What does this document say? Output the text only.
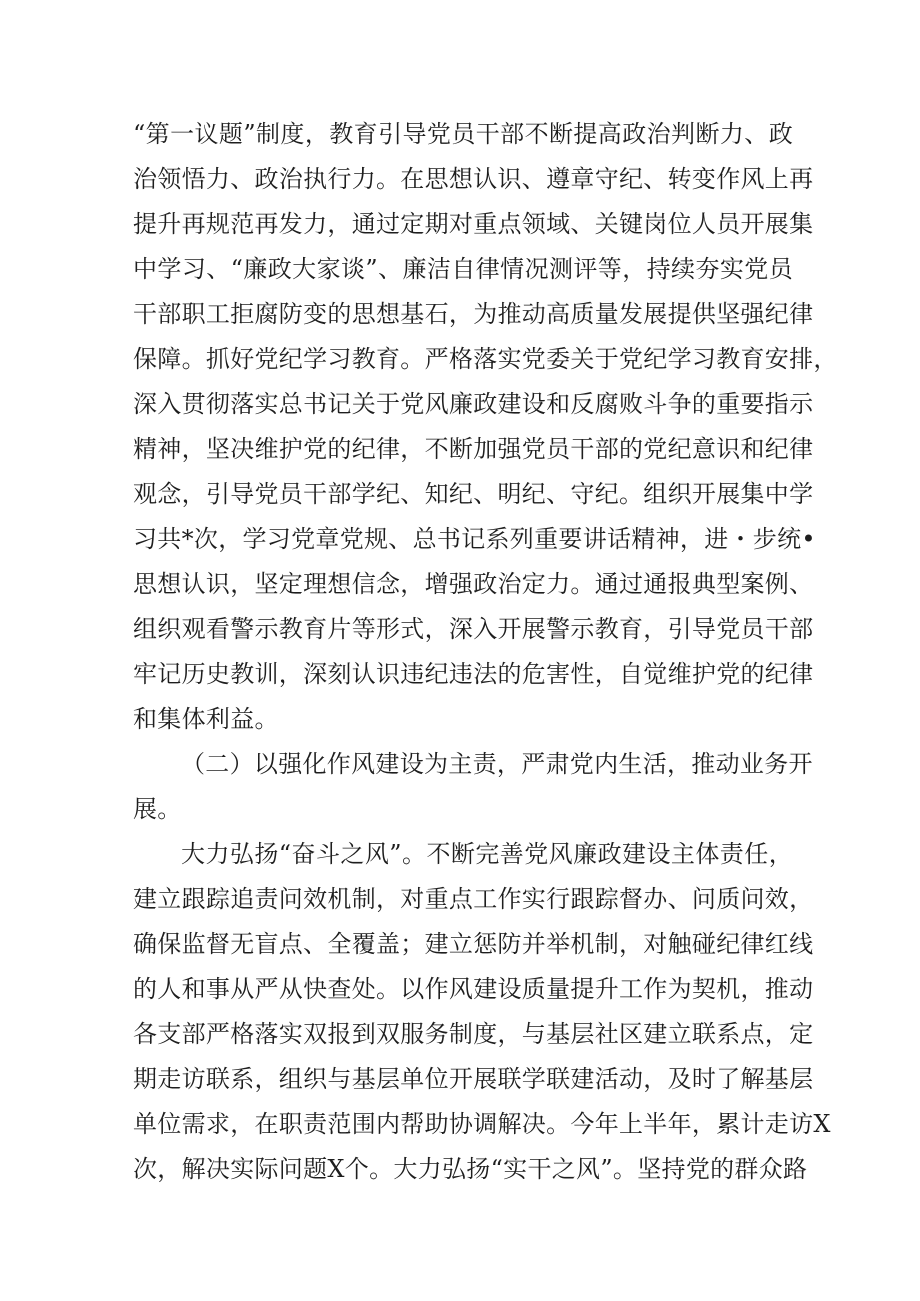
“第一议题”制度，教育引导党员干部不断提高政治判断力、政
治领悟力、政治执行力。在思想认识、遵章守纪、转变作风上再
提升再规范再发力，通过定期对重点领域、关键岗位人员开展集
中学习、“廉政大家谈”、廉洁自律情况测评等，持续夯实党员
干部职工拒腐防变的思想基石，为推动高质量发展提供坚强纪律
保障。抓好党纪学习教育。严格落实党委关于党纪学习教育安排，
深入贯彻落实总书记关于党风廉政建设和反腐败斗争的重要指示
精神，坚决维护党的纪律，不断加强党员干部的党纪意识和纪律
观念，引导党员干部学纪、知纪、明纪、守纪。组织开展集中学
习共*次，学习党章党规、总书记系列重要讲话精神，进・步统•
思想认识，坚定理想信念，增强政治定力。通过通报典型案例、
组织观看警示教育片等形式，深入开展警示教育，引导党员干部
牢记历史教训，深刻认识违纪违法的危害性，自觉维护党的纪律
和集体利益。
（二）以强化作风建设为主责，严肃党内生活，推动业务开
展。
大力弘扬“奋斗之风”。不断完善党风廉政建设主体责任，
建立跟踪追责问效机制，对重点工作实行跟踪督办、问质问效，
确保监督无盲点、全覆盖；建立惩防并举机制，对触碰纪律红线
的人和事从严从快查处。以作风建设质量提升工作为契机，推动
各支部严格落实双报到双服务制度，与基层社区建立联系点，定
期走访联系，组织与基层单位开展联学联建活动，及时了解基层
单位需求，在职责范围内帮助协调解决。今年上半年，累计走访X
次，解决实际问题X个。大力弘扬“实干之风”。坚持党的群众路
